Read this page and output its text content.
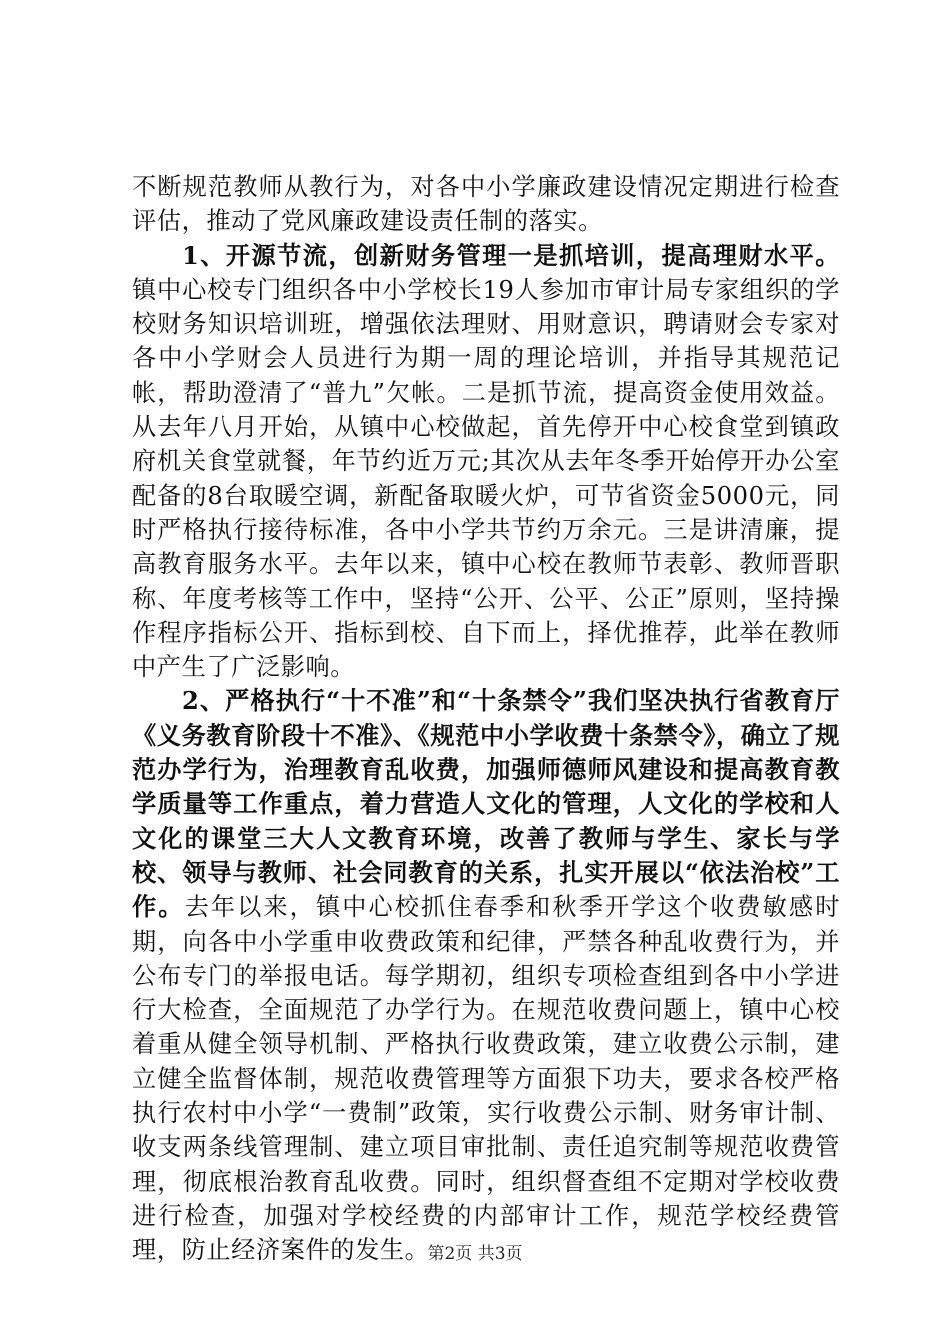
不断规范教师从教行为，对各中小学廉政建设情况定期进行检查评估，推动了党风廉政建设责任制的落实。

1、开源节流，创新财务管理一是抓培训，提高理财水平。镇中心校专门组织各中小学校长19人参加市审计局专家组织的学校财务知识培训班，增强依法理财、用财意识，聘请财会专家对各中小学财会人员进行为期一周的理论培训，并指导其规范记帐，帮助澄清了“普九”欠帐。二是抓节流，提高资金使用效益。从去年八月开始，从镇中心校做起，首先停开中心校食堂到镇政府机关食堂就餐，年节约近万元;其次从去年冬季开始停开办公室配备的8台取暖空调，新配备取暖火炉，可节省资金5000元，同时严格执行接待标准，各中小学共节约万余元。三是讲清廉，提高教育服务水平。去年以来，镇中心校在教师节表彰、教师晋职称、年度考核等工作中，坚持“公开、公平、公正”原则，坚持操作程序指标公开、指标到校、自下而上，择优推荐，此举在教师中产生了广泛影响。

2、严格执行“十不准”和“十条禁令”我们坚决执行省教育厅《义务教育阶段十不准》、《规范中小学收费十条禁令》，确立了规范办学行为，治理教育乱收费，加强师德师风建设和提高教育教学质量等工作重点，着力营造人文化的管理，人文化的学校和人文化的课堂三大人文教育环境，改善了教师与学生、家长与学校、领导与教师、社会同教育的关系，扎实开展以“依法治校”工作。去年以来，镇中心校抓住春季和秋季开学这个收费敏感时期，向各中小学重申收费政策和纪律，严禁各种乱收费行为，并公布专门的举报电话。每学期初，组织专项检查组到各中小学进行大检查，全面规范了办学行为。在规范收费问题上，镇中心校着重从健全领导机制、严格执行收费政策，建立收费公示制，建立健全监督体制，规范收费管理等方面狠下功夫，要求各校严格执行农村中小学“一费制”政策，实行收费公示制、财务审计制、收支两条线管理制、建立项目审批制、责任追究制等规范收费管理，彻底根治教育乱收费。同时，组织督查组不定期对学校收费进行检查，加强对学校经费的内部审计工作，规范学校经费管理，防止经济案件的发生。

第2页 共3页
